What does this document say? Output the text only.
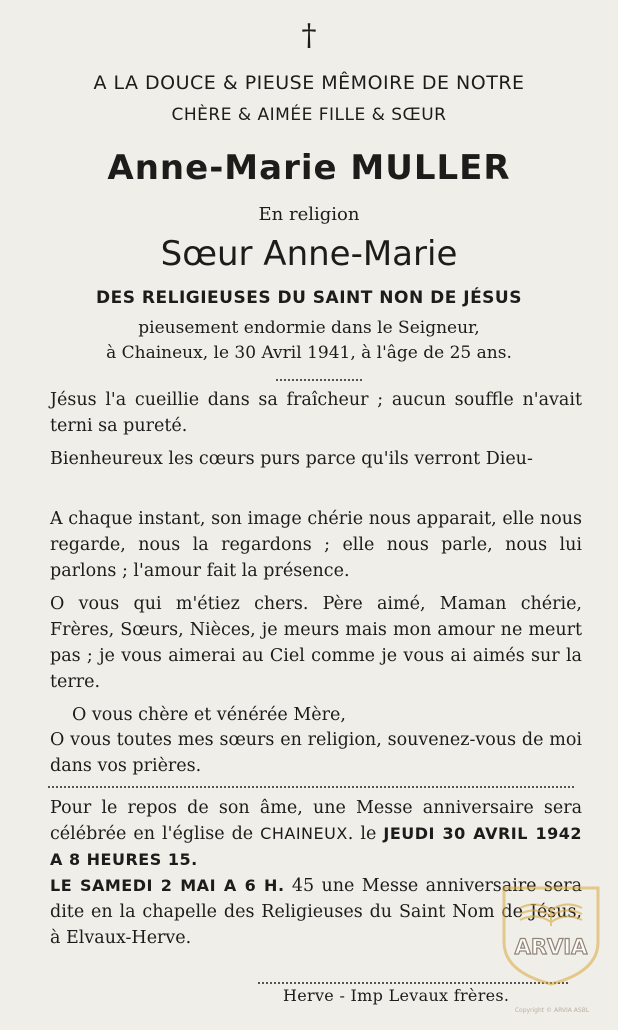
†
A LA DOUCE & PIEUSE MÊMOIRE DE NOTRE
CHÈRE & AIMÉE FILLE & SŒUR
Anne-Marie MULLER
En religion
Sœur Anne-Marie
DES RELIGIEUSES DU SAINT NON DE JÉSUS
pieusement endormie dans le Seigneur,
à Chaineux, le 30 Avril 1941, à l'âge de 25 ans.
Jésus l'a cueillie dans sa fraîcheur ; aucun souffle n'avait terni sa pureté.
Bienheureux les cœurs purs parce qu'ils verront Dieu-
A chaque instant, son image chérie nous apparait, elle nous regarde, nous la regardons ; elle nous parle, nous lui parlons ; l'amour fait la présence.
O vous qui m'étiez chers. Père aimé, Maman chérie, Frères, Sœurs, Nièces, je meurs mais mon amour ne meurt pas ; je vous aimerai au Ciel comme je vous ai aimés sur la terre.
O vous chère et vénérée Mère,
O vous toutes mes sœurs en religion, souvenez-vous de moi dans vos prières.
Pour le repos de son âme, une Messe anniversaire sera célébrée en l'église de CHAINEUX. le JEUDI 30 AVRIL 1942 A 8 HEURES 15.
LE SAMEDI 2 MAI A 6 H. 45 une Messe anniversaire sera dite en la chapelle des Religieuses du Saint Nom de Jésus, à Elvaux-Herve.
Herve - Imp Levaux frères.
ARVIA
Copyright © ARVIA ASBL
